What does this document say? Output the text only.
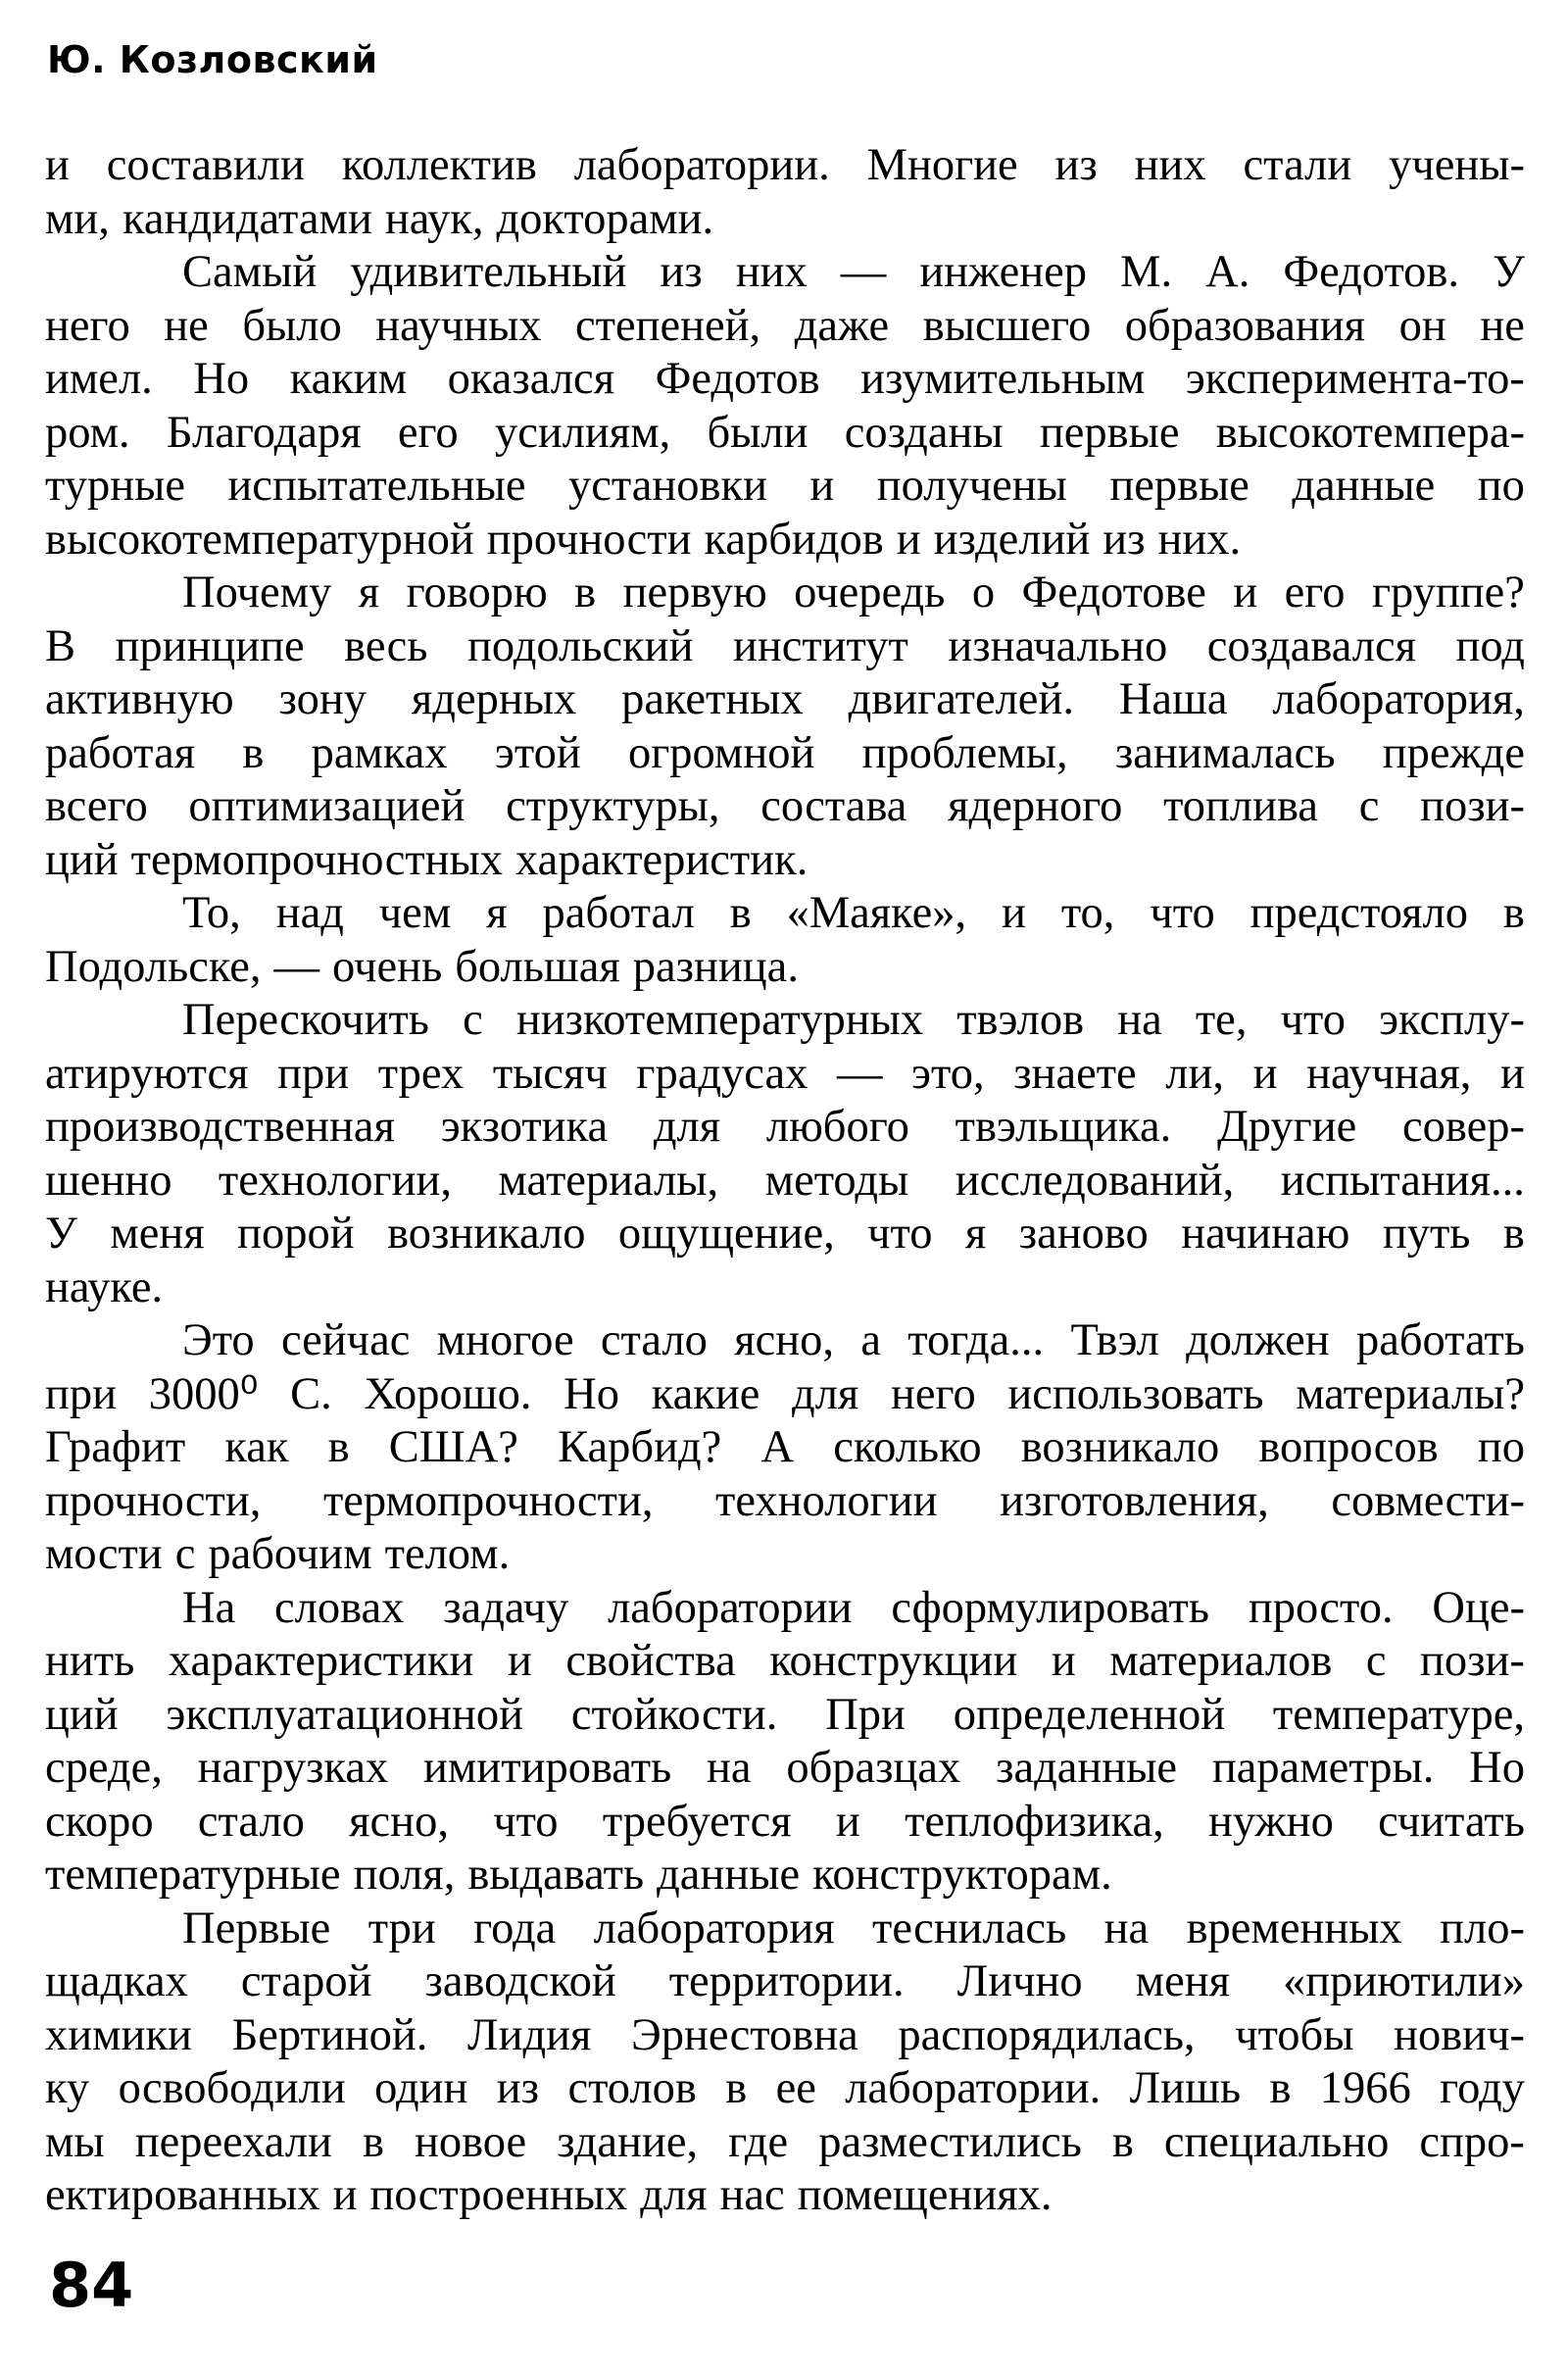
Ю. Козловский
и составили коллектив лаборатории. Многие из них стали учены-
ми, кандидатами наук, докторами.
Самый удивительный из них — инженер М. А. Федотов. У
него не было научных степеней, даже высшего образования он не
имел. Но каким оказался Федотов изумительным эксперимента-то-
ром. Благодаря его усилиям, были созданы первые высокотемпера-
турные испытательные установки и получены первые данные по
высокотемпературной прочности карбидов и изделий из них.
Почему я говорю в первую очередь о Федотове и его группе?
В принципе весь подольский институт изначально создавался под
активную зону ядерных ракетных двигателей. Наша лаборатория,
работая в рамках этой огромной проблемы, занималась прежде
всего оптимизацией структуры, состава ядерного топлива с пози-
ций термопрочностных характеристик.
То, над чем я работал в «Маяке», и то, что предстояло в
Подольске, — очень большая разница.
Перескочить с низкотемпературных твэлов на те, что эксплу-
атируются при трех тысяч градусах — это, знаете ли, и научная, и
производственная экзотика для любого твэльщика. Другие совер-
шенно технологии, материалы, методы исследований, испытания...
У меня порой возникало ощущение, что я заново начинаю путь в
науке.
Это сейчас многое стало ясно, а тогда... Твэл должен работать
при 3000⁰ С. Хорошо. Но какие для него использовать материалы?
Графит как в США? Карбид? А сколько возникало вопросов по
прочности, термопрочности, технологии изготовления, совмести-
мости с рабочим телом.
На словах задачу лаборатории сформулировать просто. Оце-
нить характеристики и свойства конструкции и материалов с пози-
ций эксплуатационной стойкости. При определенной температуре,
среде, нагрузках имитировать на образцах заданные параметры. Но
скоро стало ясно, что требуется и теплофизика, нужно считать
температурные поля, выдавать данные конструкторам.
Первые три года лаборатория теснилась на временных пло-
щадках старой заводской территории. Лично меня «приютили»
химики Бертиной. Лидия Эрнестовна распорядилась, чтобы нович-
ку освободили один из столов в ее лаборатории. Лишь в 1966 году
мы переехали в новое здание, где разместились в специально спро-
ектированных и построенных для нас помещениях.
84
